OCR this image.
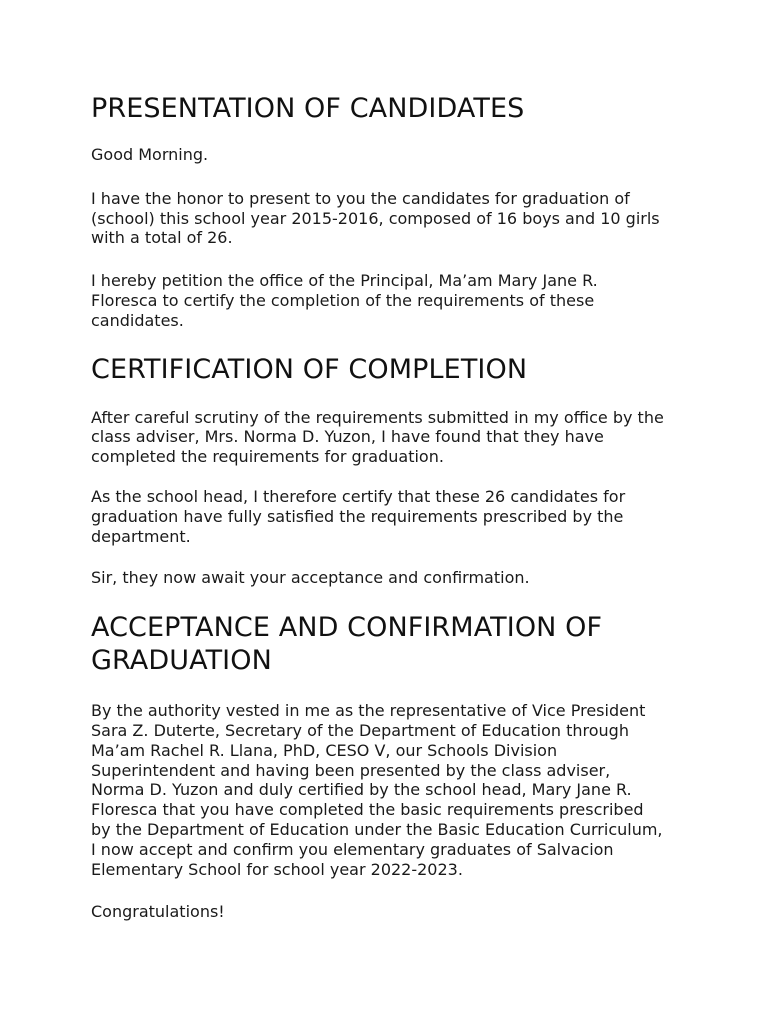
PRESENTATION OF CANDIDATES

Good Morning.

I have the honor to present to you the candidates for graduation of
(school) this school year 2015-2016, composed of 16 boys and 10 girls
with a total of 26.

I hereby petition the office of the Principal, Ma’am Mary Jane R.
Floresca to certify the completion of the requirements of these
candidates.

CERTIFICATION OF COMPLETION

After careful scrutiny of the requirements submitted in my office by the
class adviser, Mrs. Norma D. Yuzon, I have found that they have
completed the requirements for graduation.

As the school head, I therefore certify that these 26 candidates for
graduation have fully satisfied the requirements prescribed by the
department.

Sir, they now await your acceptance and confirmation.

ACCEPTANCE AND CONFIRMATION OF
GRADUATION

By the authority vested in me as the representative of Vice President
Sara Z. Duterte, Secretary of the Department of Education through
Ma’am Rachel R. Llana, PhD, CESO V, our Schools Division
Superintendent and having been presented by the class adviser,
Norma D. Yuzon and duly certified by the school head, Mary Jane R.
Floresca that you have completed the basic requirements prescribed
by the Department of Education under the Basic Education Curriculum,
I now accept and confirm you elementary graduates of Salvacion
Elementary School for school year 2022-2023.

Congratulations!
